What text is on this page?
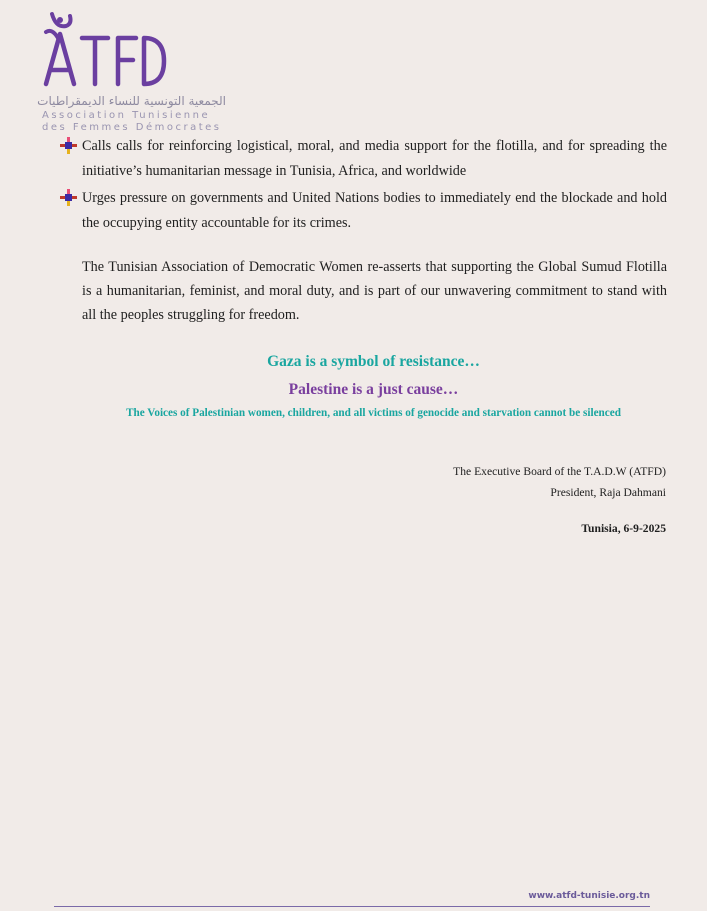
الجمعية التونسية للنساء الديمقراطيات
Association Tunisienne
des Femmes Démocrates
Calls calls for reinforcing logistical, moral, and media support for the flotilla, and for spreading the initiative’s humanitarian message in Tunisia, Africa, and worldwide
Urges pressure on governments and United Nations bodies to immediately end the blockade and hold the occupying entity accountable for its crimes.
The Tunisian Association of Democratic Women re-asserts that supporting the Global Sumud Flotilla is a humanitarian, feminist, and moral duty, and is part of our unwavering commitment to stand with all the peoples struggling for freedom.
Gaza is a symbol of resistance…
Palestine is a just cause…
The Voices of Palestinian women, children, and all victims of genocide and starvation cannot be silenced
The Executive Board of the T.A.D.W (ATFD)
President, Raja Dahmani
Tunisia, 6-9-2025
www.atfd-tunisie.org.tn
